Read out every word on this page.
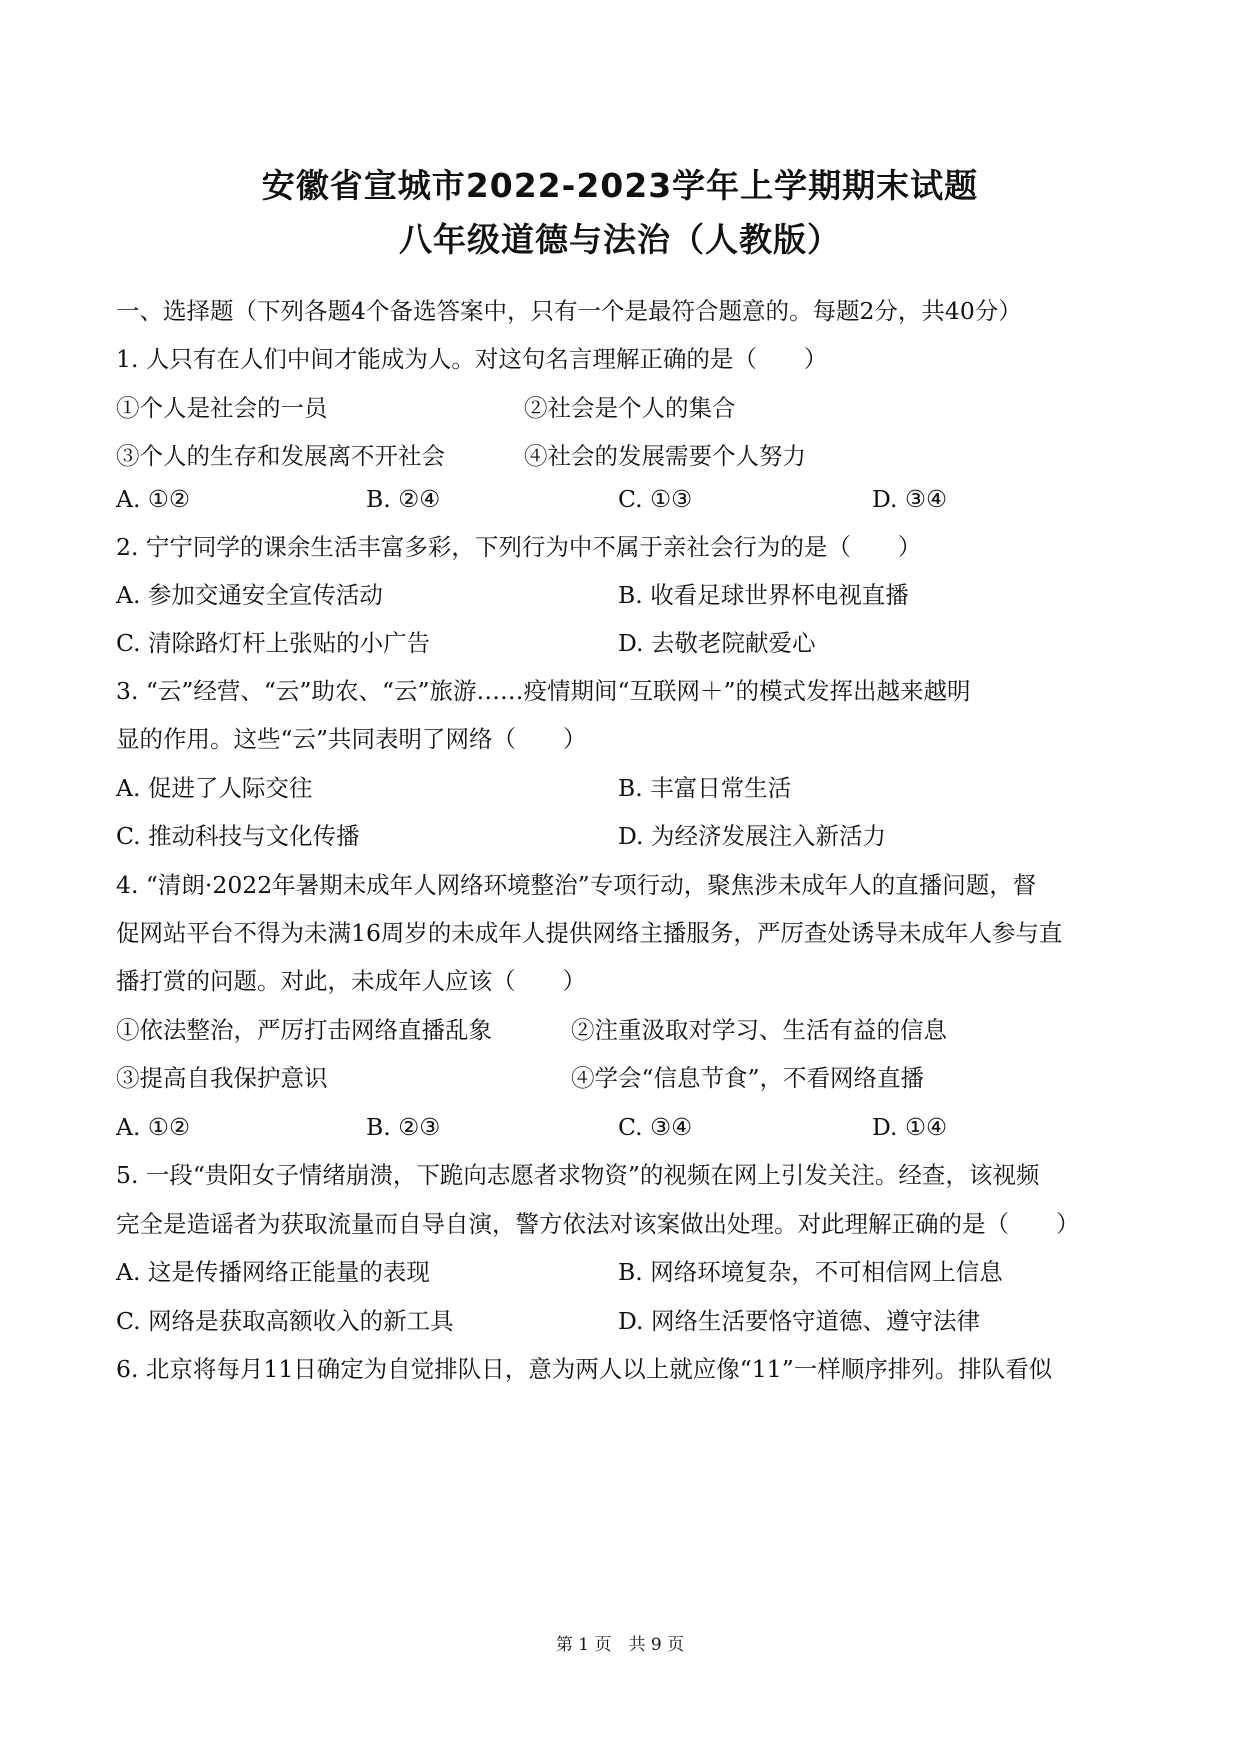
安徽省宣城市2022-2023学年上学期期末试题
八年级道德与法治（人教版）
一、选择题（下列各题4个备选答案中，只有一个是最符合题意的。每题2分，共40分）
1. 人只有在人们中间才能成为人。对这句名言理解正确的是（　　）
①个人是社会的一员	②社会是个人的集合
③个人的生存和发展离不开社会	④社会的发展需要个人努力
A. ①②	B. ②④	C. ①③	D. ③④
2. 宁宁同学的课余生活丰富多彩，下列行为中不属于亲社会行为的是（　　）
A. 参加交通安全宣传活动	B. 收看足球世界杯电视直播
C. 清除路灯杆上张贴的小广告	D. 去敬老院献爱心
3. “云”经营、“云”助农、“云”旅游……疫情期间“互联网＋”的模式发挥出越来越明
显的作用。这些“云”共同表明了网络（　　）
A. 促进了人际交往	B. 丰富日常生活
C. 推动科技与文化传播	D. 为经济发展注入新活力
4. “清朗·2022年暑期未成年人网络环境整治”专项行动，聚焦涉未成年人的直播问题，督
促网站平台不得为未满16周岁的未成年人提供网络主播服务，严厉查处诱导未成年人参与直
播打赏的问题。对此，未成年人应该（　　）
①依法整治，严厉打击网络直播乱象	②注重汲取对学习、生活有益的信息
③提高自我保护意识	④学会“信息节食”，不看网络直播
A. ①②	B. ②③	C. ③④	D. ①④
5. 一段“贵阳女子情绪崩溃，下跪向志愿者求物资”的视频在网上引发关注。经查，该视频
完全是造谣者为获取流量而自导自演，警方依法对该案做出处理。对此理解正确的是（　　）
A. 这是传播网络正能量的表现	B. 网络环境复杂，不可相信网上信息
C. 网络是获取高额收入的新工具	D. 网络生活要恪守道德、遵守法律
6. 北京将每月11日确定为自觉排队日，意为两人以上就应像“11”一样顺序排列。排队看似
第 1 页　共 9 页
